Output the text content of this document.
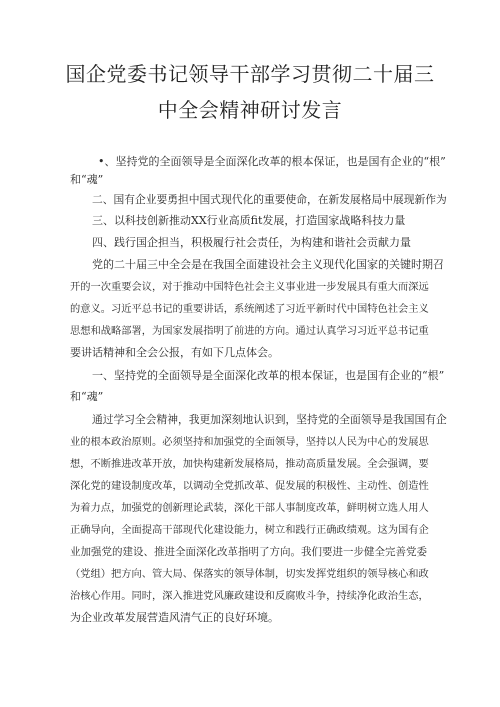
国企党委书记领导干部学习贯彻二十届三
中全会精神研讨发言

•、坚持党的全面领导是全面深化改革的根本保证，也是国有企业的“根”

和“魂”

二、国有企业要勇担中国式现代化的重要使命，在新发展格局中展现新作为

三、以科技创新推动XX行业高质fit发展，打造国家战略科技力量

四、践行国企担当，积极履行社会责任，为构建和谐社会贡献力量

党的二十届三中全会是在我国全面建设社会主义现代化国家的关键时期召

开的一次重要会议，对于推动中国特色社会主义事业进一步发展具有重大而深远

的意义。习近平总书记的重要讲话，系统阐述了习近平新时代中国特色社会主义

思想和战略部署，为国家发展指明了前进的方向。通过认真学习习近平总书记重

要讲话精神和全会公报，有如下几点体会。

一、坚持党的全面领导是全面深化改革的根本保证，也是国有企业的“根”

和“魂”

通过学习全会精神，我更加深刻地认识到，坚持党的全面领导是我国国有企

业的根本政治原则。必须坚持和加强党的全面领导，坚持以人民为中心的发展思

想，不断推进改革开放，加快构建新发展格局，推动高质量发展。全会强调，要

深化党的建设制度改革，以调动全党抓改革、促发展的积极性、主动性、创造性

为着力点，加强党的创新理论武装，深化干部人事制度改革，鲜明树立选人用人

正确导向，全面提高干部现代化建设能力，树立和践行正确政绩观。这为国有企

业加强党的建设、推进全面深化改革指明了方向。我们要进一步健全完善党委

（党组）把方向、管大局、保落实的领导体制，切实发挥党组织的领导核心和政

治核心作用。同时，深入推进党风廉政建设和反腐败斗争，持续净化政治生态，

为企业改革发展营造风清气正的良好环境。
